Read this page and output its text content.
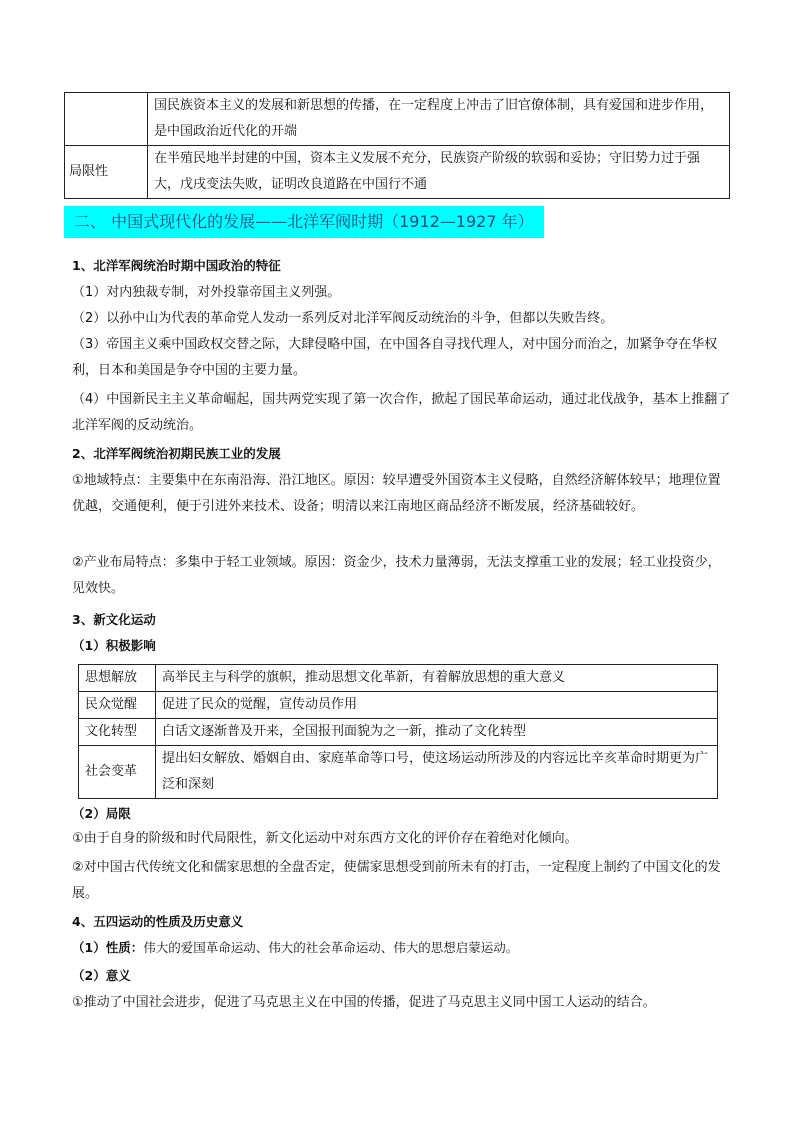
	国民族资本主义的发展和新思想的传播，在一定程度上冲击了旧官僚体制，具有爱国和进步作用，是中国政治近代化的开端
局限性	在半殖民地半封建的中国，资本主义发展不充分，民族资产阶级的软弱和妥协；守旧势力过于强大，戊戌变法失败，证明改良道路在中国行不通
二、 中国式现代化的发展——北洋军阀时期（1912—1927 年）
1、北洋军阀统治时期中国政治的特征
（1）对内独裁专制，对外投靠帝国主义列强。
（2）以孙中山为代表的革命党人发动一系列反对北洋军阀反动统治的斗争，但都以失败告终。
（3）帝国主义乘中国政权交替之际，大肆侵略中国，在中国各自寻找代理人，对中国分而治之，加紧争夺在华权利，日本和美国是争夺中国的主要力量。
（4）中国新民主主义革命崛起，国共两党实现了第一次合作，掀起了国民革命运动，通过北伐战争，基本上推翻了北洋军阀的反动统治。
2、北洋军阀统治初期民族工业的发展
①地域特点：主要集中在东南沿海、沿江地区。原因：较早遭受外国资本主义侵略，自然经济解体较早；地理位置优越，交通便利，便于引进外来技术、设备；明清以来江南地区商品经济不断发展，经济基础较好。
②产业布局特点：多集中于轻工业领域。原因：资金少，技术力量薄弱，无法支撑重工业的发展；轻工业投资少，见效快。
3、新文化运动
（1）积极影响
思想解放	高举民主与科学的旗帜，推动思想文化革新，有着解放思想的重大意义
民众觉醒	促进了民众的觉醒，宣传动员作用
文化转型	白话文逐渐普及开来，全国报刊面貌为之一新，推动了文化转型
社会变革	提出妇女解放、婚姻自由、家庭革命等口号，使这场运动所涉及的内容远比辛亥革命时期更为广泛和深刻
（2）局限
①由于自身的阶级和时代局限性，新文化运动中对东西方文化的评价存在着绝对化倾向。
②对中国古代传统文化和儒家思想的全盘否定，使儒家思想受到前所未有的打击，一定程度上制约了中国文化的发展。
4、五四运动的性质及历史意义
（1）性质：伟大的爱国革命运动、伟大的社会革命运动、伟大的思想启蒙运动。
（2）意义
①推动了中国社会进步，促进了马克思主义在中国的传播，促进了马克思主义同中国工人运动的结合。
